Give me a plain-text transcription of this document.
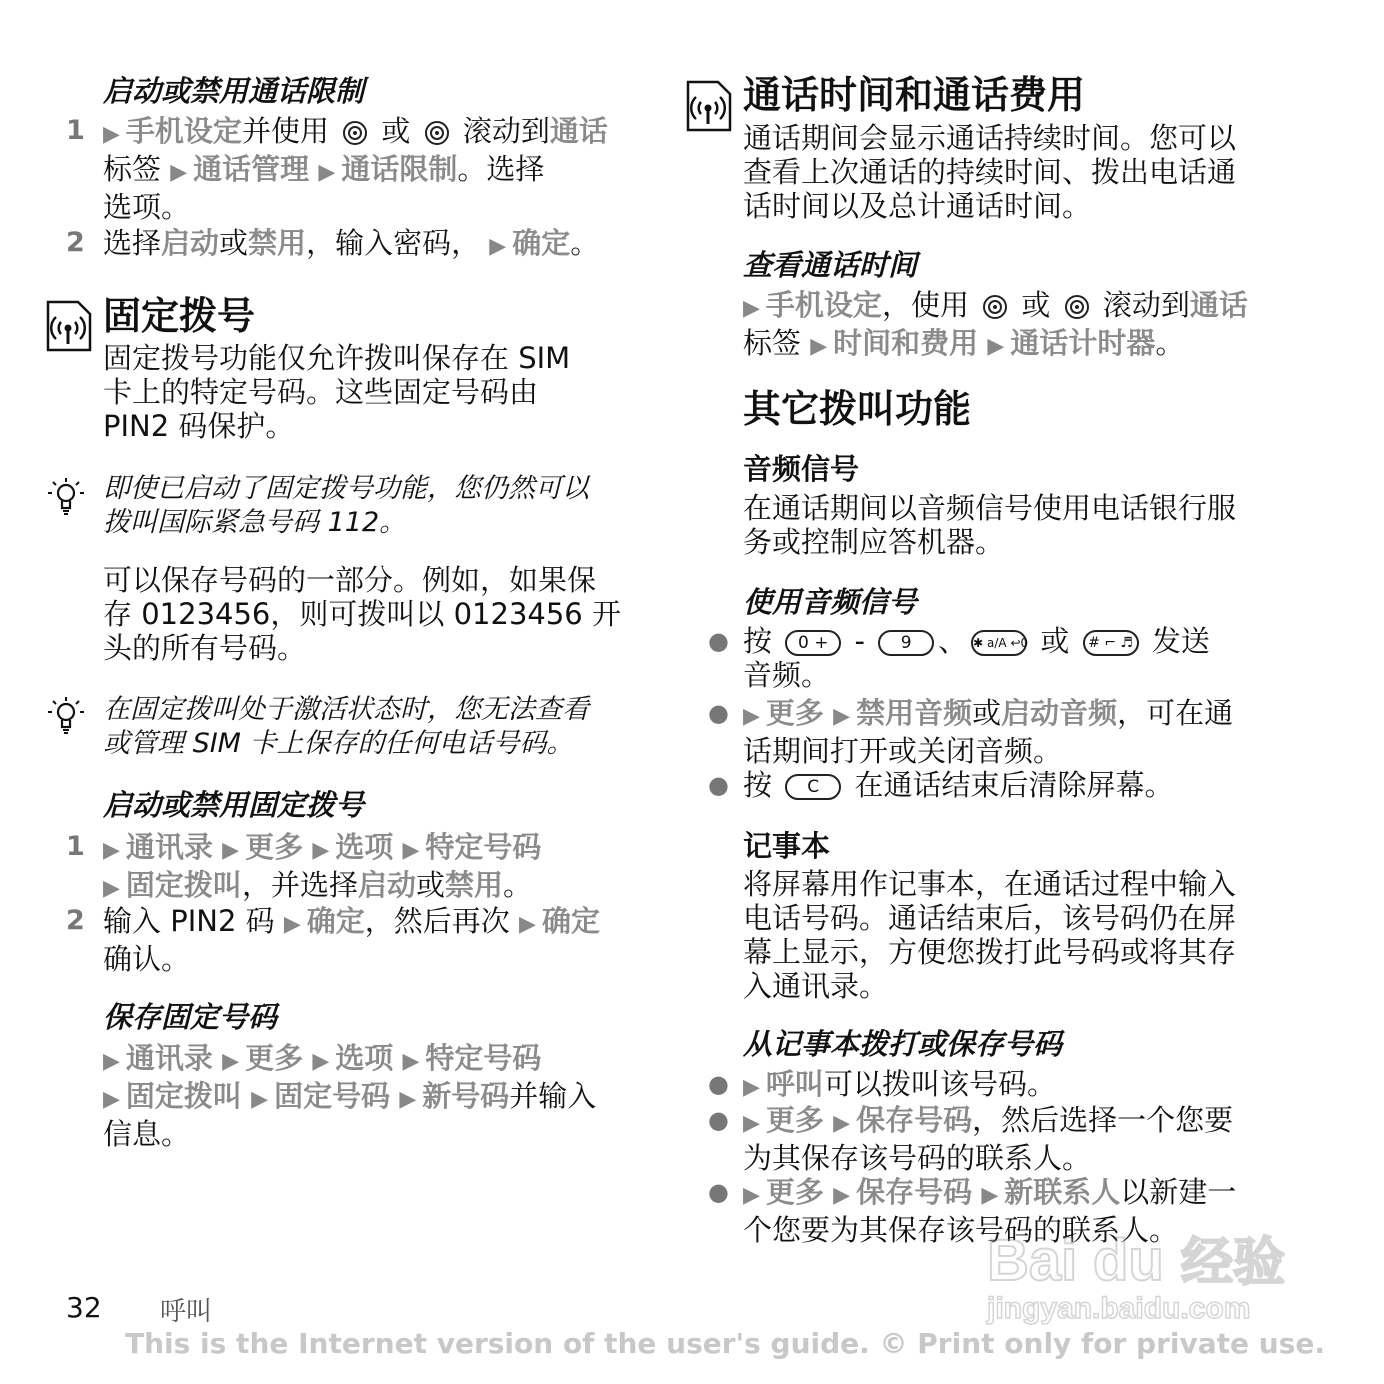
启动或禁用通话限制
1 ▶ 手机设定并使用 或 滚动到通话
标签 ▶ 通话管理 ▶ 通话限制。选择
选项。
2 选择启动或禁用，输入密码， ▶ 确定。
固定拨号
固定拨号功能仅允许拨叫保存在 SIM
卡上的特定号码。这些固定号码由
PIN2 码保护。
即使已启动了固定拨号功能，您仍然可以
拨叫国际紧急号码 112。
可以保存号码的一部分。例如，如果保
存 0123456，则可拨叫以 0123456 开
头的所有号码。
在固定拨叫处于激活状态时，您无法查看
或管理 SIM 卡上保存的任何电话号码。
启动或禁用固定拨号
1 ▶ 通讯录 ▶ 更多 ▶ 选项 ▶ 特定号码
▶ 固定拨叫，并选择启动或禁用。
2 输入 PIN2 码 ▶ 确定，然后再次 ▶ 确定
确认。
保存固定号码
▶ 通讯录 ▶ 更多 ▶ 选项 ▶ 特定号码
▶ 固定拨叫 ▶ 固定号码 ▶ 新号码并输入
信息。
通话时间和通话费用
通话期间会显示通话持续时间。您可以
查看上次通话的持续时间、拨出电话通
话时间以及总计通话时间。
查看通话时间
▶ 手机设定，使用 或 滚动到通话
标签 ▶ 时间和费用 ▶ 通话计时器。
其它拨叫功能
音频信号
在通话期间以音频信号使用电话银行服
务或控制应答机器。
使用音频信号
● 按 0 + - 9 、 ✱ a/A ↩0 或 # ⌐ ♬ 发送
音频。
● ▶ 更多 ▶ 禁用音频或启动音频，可在通
话期间打开或关闭音频。
● 按 C 在通话结束后清除屏幕。
记事本
将屏幕用作记事本，在通话过程中输入
电话号码。通话结束后，该号码仍在屏
幕上显示，方便您拨打此号码或将其存
入通讯录。
从记事本拨打或保存号码
● ▶ 呼叫可以拨叫该号码。
● ▶ 更多 ▶ 保存号码，然后选择一个您要
为其保存该号码的联系人。
● ▶ 更多 ▶ 保存号码 ▶ 新联系人以新建一
个您要为其保存该号码的联系人。
32 呼叫
This is the Internet version of the user's guide. © Print only for private use.
Bai du 经验
jingyan.baidu.com
